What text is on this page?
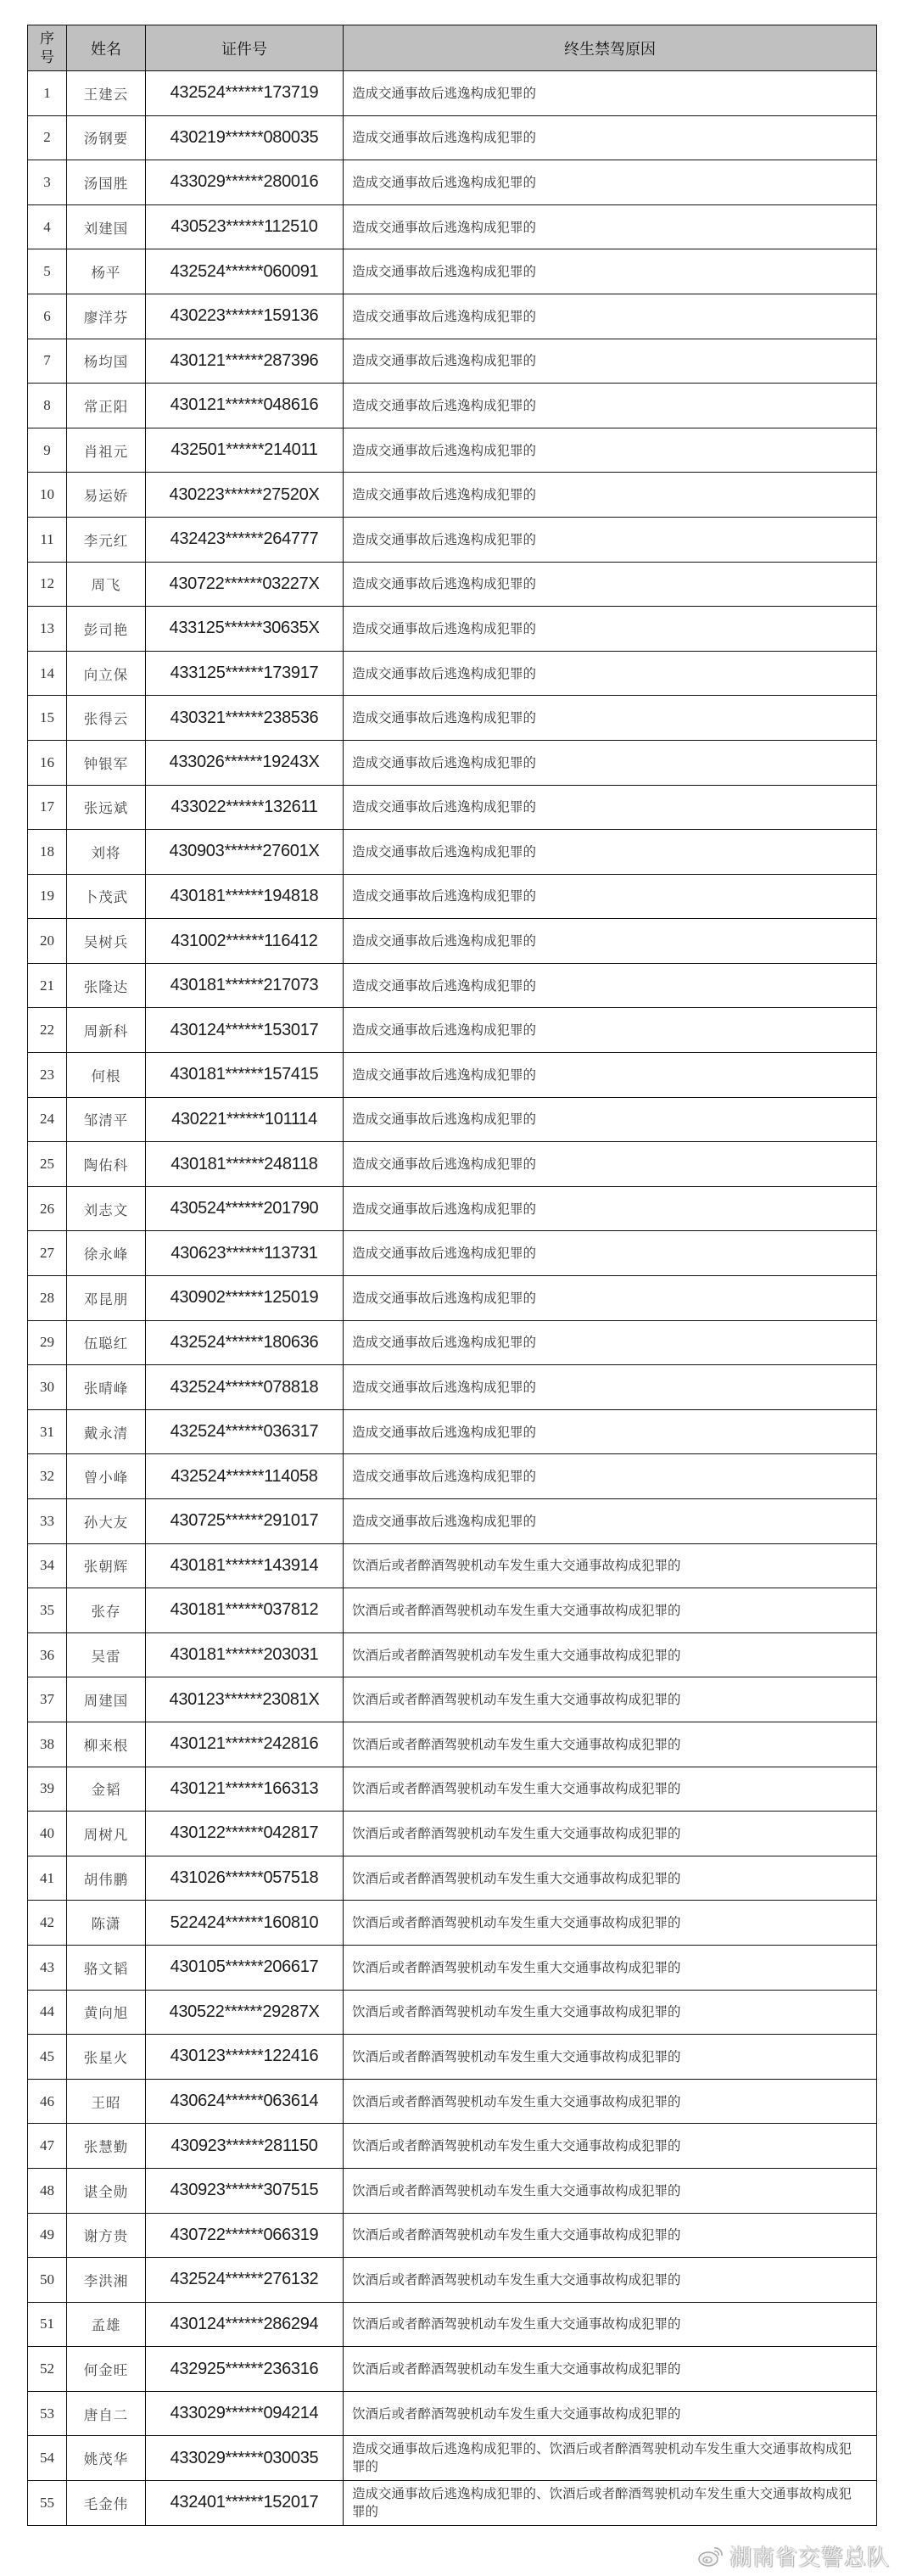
序号	姓名	证件号	终生禁驾原因
1	王建云	432524******173719	造成交通事故后逃逸构成犯罪的
2	汤钢要	430219******080035	造成交通事故后逃逸构成犯罪的
3	汤国胜	433029******280016	造成交通事故后逃逸构成犯罪的
4	刘建国	430523******112510	造成交通事故后逃逸构成犯罪的
5	杨平	432524******060091	造成交通事故后逃逸构成犯罪的
6	廖洋芬	430223******159136	造成交通事故后逃逸构成犯罪的
7	杨均国	430121******287396	造成交通事故后逃逸构成犯罪的
8	常正阳	430121******048616	造成交通事故后逃逸构成犯罪的
9	肖祖元	432501******214011	造成交通事故后逃逸构成犯罪的
10	易运娇	430223******27520X	造成交通事故后逃逸构成犯罪的
11	李元红	432423******264777	造成交通事故后逃逸构成犯罪的
12	周飞	430722******03227X	造成交通事故后逃逸构成犯罪的
13	彭司艳	433125******30635X	造成交通事故后逃逸构成犯罪的
14	向立保	433125******173917	造成交通事故后逃逸构成犯罪的
15	张得云	430321******238536	造成交通事故后逃逸构成犯罪的
16	钟银军	433026******19243X	造成交通事故后逃逸构成犯罪的
17	张远斌	433022******132611	造成交通事故后逃逸构成犯罪的
18	刘将	430903******27601X	造成交通事故后逃逸构成犯罪的
19	卜茂武	430181******194818	造成交通事故后逃逸构成犯罪的
20	吴树兵	431002******116412	造成交通事故后逃逸构成犯罪的
21	张隆达	430181******217073	造成交通事故后逃逸构成犯罪的
22	周新科	430124******153017	造成交通事故后逃逸构成犯罪的
23	何根	430181******157415	造成交通事故后逃逸构成犯罪的
24	邹清平	430221******101114	造成交通事故后逃逸构成犯罪的
25	陶佑科	430181******248118	造成交通事故后逃逸构成犯罪的
26	刘志文	430524******201790	造成交通事故后逃逸构成犯罪的
27	徐永峰	430623******113731	造成交通事故后逃逸构成犯罪的
28	邓昆朋	430902******125019	造成交通事故后逃逸构成犯罪的
29	伍聪红	432524******180636	造成交通事故后逃逸构成犯罪的
30	张晴峰	432524******078818	造成交通事故后逃逸构成犯罪的
31	戴永清	432524******036317	造成交通事故后逃逸构成犯罪的
32	曾小峰	432524******114058	造成交通事故后逃逸构成犯罪的
33	孙大友	430725******291017	造成交通事故后逃逸构成犯罪的
34	张朝辉	430181******143914	饮酒后或者醉酒驾驶机动车发生重大交通事故构成犯罪的
35	张存	430181******037812	饮酒后或者醉酒驾驶机动车发生重大交通事故构成犯罪的
36	吴雷	430181******203031	饮酒后或者醉酒驾驶机动车发生重大交通事故构成犯罪的
37	周建国	430123******23081X	饮酒后或者醉酒驾驶机动车发生重大交通事故构成犯罪的
38	柳来根	430121******242816	饮酒后或者醉酒驾驶机动车发生重大交通事故构成犯罪的
39	金韬	430121******166313	饮酒后或者醉酒驾驶机动车发生重大交通事故构成犯罪的
40	周树凡	430122******042817	饮酒后或者醉酒驾驶机动车发生重大交通事故构成犯罪的
41	胡伟鹏	431026******057518	饮酒后或者醉酒驾驶机动车发生重大交通事故构成犯罪的
42	陈潇	522424******160810	饮酒后或者醉酒驾驶机动车发生重大交通事故构成犯罪的
43	骆文韬	430105******206617	饮酒后或者醉酒驾驶机动车发生重大交通事故构成犯罪的
44	黄向旭	430522******29287X	饮酒后或者醉酒驾驶机动车发生重大交通事故构成犯罪的
45	张星火	430123******122416	饮酒后或者醉酒驾驶机动车发生重大交通事故构成犯罪的
46	王昭	430624******063614	饮酒后或者醉酒驾驶机动车发生重大交通事故构成犯罪的
47	张慧勤	430923******281150	饮酒后或者醉酒驾驶机动车发生重大交通事故构成犯罪的
48	谌全勋	430923******307515	饮酒后或者醉酒驾驶机动车发生重大交通事故构成犯罪的
49	谢方贵	430722******066319	饮酒后或者醉酒驾驶机动车发生重大交通事故构成犯罪的
50	李洪湘	432524******276132	饮酒后或者醉酒驾驶机动车发生重大交通事故构成犯罪的
51	孟雄	430124******286294	饮酒后或者醉酒驾驶机动车发生重大交通事故构成犯罪的
52	何金旺	432925******236316	饮酒后或者醉酒驾驶机动车发生重大交通事故构成犯罪的
53	唐自二	433029******094214	饮酒后或者醉酒驾驶机动车发生重大交通事故构成犯罪的
54	姚茂华	433029******030035	造成交通事故后逃逸构成犯罪的、饮酒后或者醉酒驾驶机动车发生重大交通事故构成犯罪的
55	毛金伟	432401******152017	造成交通事故后逃逸构成犯罪的、饮酒后或者醉酒驾驶机动车发生重大交通事故构成犯罪的
湖南省交警总队
